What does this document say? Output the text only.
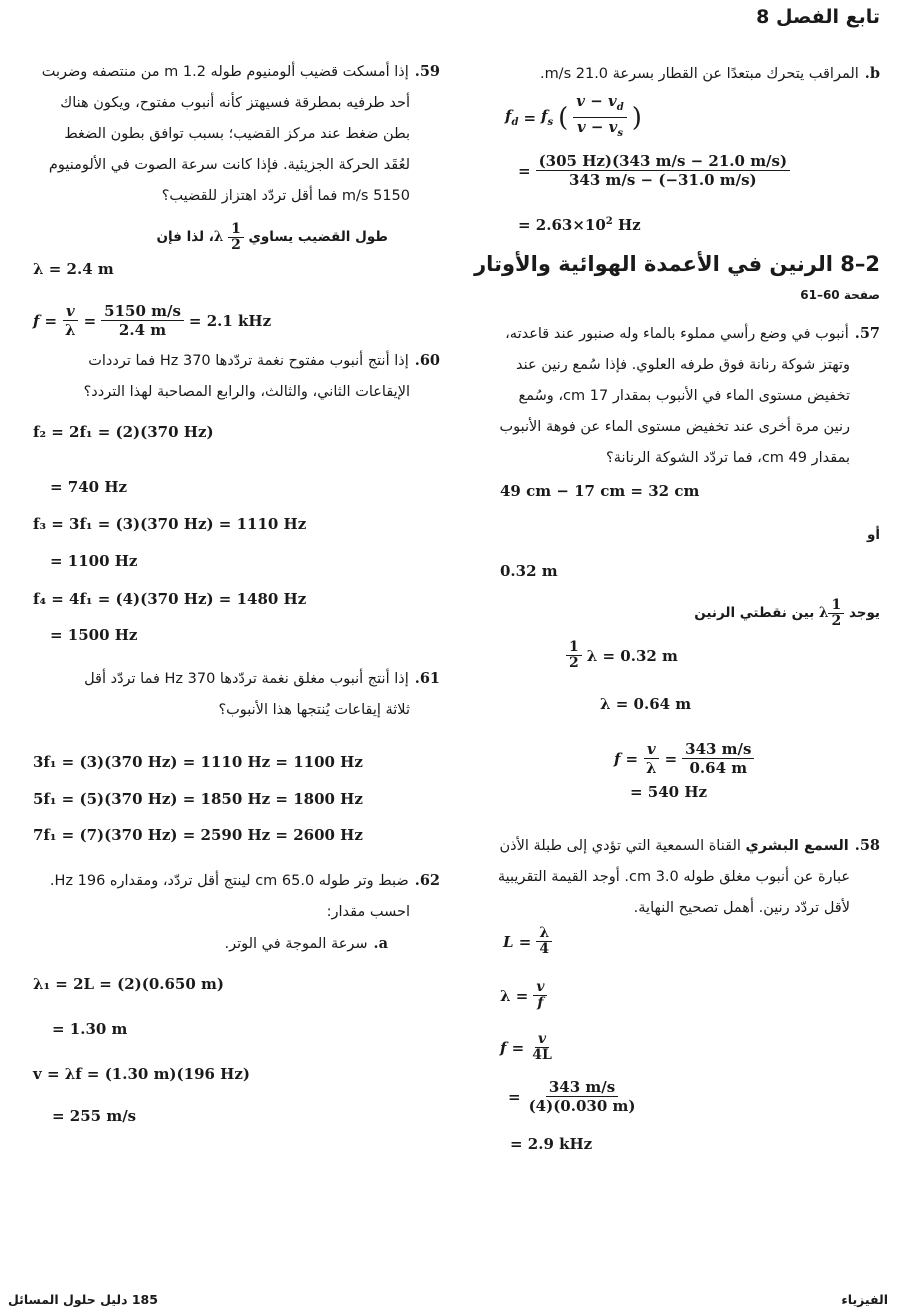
تابع الفصل 8
b.المراقب يتحرك مبتعدًا عن القطار بسرعة 21.0 m/s.
$f_d = f_s$ ( $\frac{v - v_d}{v - v_s}$ )
= $\frac{(305 Hz)(343 m/s - 21.0 m/s)}{343 m/s - (-31.0 m/s)}$
= $2.63\times 10^2$ Hz
2–8 الرنين في الأعمدة الهوائية والأوتار
صفحة 60–61
57.أنبوب في وضع رأسي مملوء بالماء وله صنبور عند قاعدته،
وتهتز شوكة رنانة فوق طرفه العلوي. فإذا سُمع رنين عند
تخفيض مستوى الماء في الأنبوب بمقدار 17 cm، وسُمع
رنين مرة أخرى عند تخفيض مستوى الماء عن فوهة الأنبوب
بمقدار 49 cm، فما تردّد الشوكة الرنانة؟
49 cm − 17 cm = 32 cm
أو
0.32 m
يوجد λ $\frac{1}{2}$
بين نقطتي الرنين
$\frac{1}{2}$ λ = 0.32 m
λ = 0.64 m
$f = \frac{v}{\lambda} = \frac{343 m/s}{0.64 m}$
= 540 Hz
58.السمع البشري القناة السمعية التي تؤدي إلى طبلة الأذن
عبارة عن أنبوب مغلق طوله 3.0 cm. أوجد القيمة التقريبية
لأقل تردّد رنين. أهمل تصحيح النهاية.
$L = \frac{\lambda}{4}$
$\lambda = \frac{v}{f}$
$f = \frac{v}{4L}$
= $\frac{343 m/s}{(4)(0.030 m)}$
= 2.9 kHz
59.إذا أمسكت قضيب ألومنيوم طوله 1.2 m من منتصفه وضربت
أحد طرفيه بمطرقة فسيهتز كأنه أنبوب مفتوح، ويكون هناك
بطن ضغط عند مركز القضيب؛ بسبب توافق بطون الضغط
لعُقَد الحركة الجزيئية. فإذا كانت سرعة الصوت في الألومنيوم
5150 m/s فما أقل تردّد اهتزاز للقضيب؟
طول القضيب يساوي λ $\frac{1}{2}$
، لذا فإن
λ = 2.4 m
$f = \frac{v}{\lambda} = \frac{5150 m/s}{2.4 m} = 2.1$ kHz
60.إذا أنتج أنبوب مفتوح نغمة تردّدها 370 Hz فما ترددات
الإيقاعات الثاني، والثالث، والرابع المصاحبة لهذا التردد؟
f₂ = 2f₁ = (2)(370 Hz)
= 740 Hz
f₃ = 3f₁ = (3)(370 Hz) = 1110 Hz
= 1100 Hz
f₄ = 4f₁ = (4)(370 Hz) = 1480 Hz
= 1500 Hz
61.إذا أنتج أنبوب مغلق نغمة تردّدها 370 Hz فما تردّد أقل
ثلاثة إيقاعات يُنتجها هذا الأنبوب؟
3f₁ = (3)(370 Hz) = 1110 Hz = 1100 Hz
5f₁ = (5)(370 Hz) = 1850 Hz = 1800 Hz
7f₁ = (7)(370 Hz) = 2590 Hz = 2600 Hz
62.ضبط وتر طوله 65.0 cm لينتج أقل تردّد، ومقداره 196 Hz.
احسب مقدار:
a.سرعة الموجة في الوتر.
λ₁ = 2L = (2)(0.650 m)
= 1.30 m
v = λf = (1.30 m)(196 Hz)
= 255 m/s
185 دليل حلول المسائل	الفيزياء
